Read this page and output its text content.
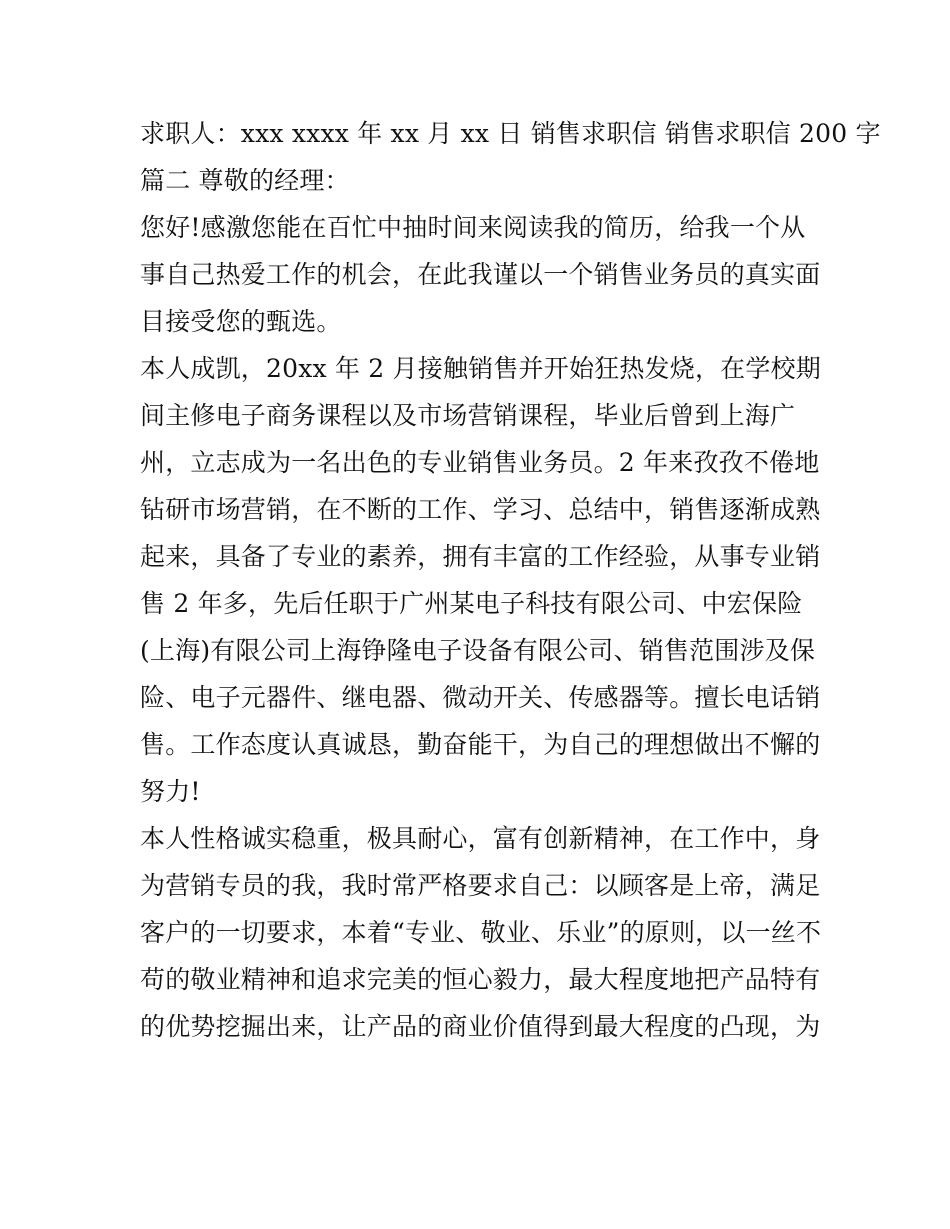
求职人：xxx xxxx 年 xx 月 xx 日 销售求职信 销售求职信 200 字
篇二 尊敬的经理：
您好!感激您能在百忙中抽时间来阅读我的简历，给我一个从
事自己热爱工作的机会，在此我谨以一个销售业务员的真实面
目接受您的甄选。
本人成凯，20xx 年 2 月接触销售并开始狂热发烧，在学校期
间主修电子商务课程以及市场营销课程，毕业后曾到上海广
州，立志成为一名出色的专业销售业务员。2 年来孜孜不倦地
钻研市场营销，在不断的工作、学习、总结中，销售逐渐成熟
起来，具备了专业的素养，拥有丰富的工作经验，从事专业销
售 2 年多，先后任职于广州某电子科技有限公司、中宏保险
(上海)有限公司上海铮隆电子设备有限公司、销售范围涉及保
险、电子元器件、继电器、微动开关、传感器等。擅长电话销
售。工作态度认真诚恳，勤奋能干，为自己的理想做出不懈的
努力!
本人性格诚实稳重，极具耐心，富有创新精神，在工作中，身
为营销专员的我，我时常严格要求自己：以顾客是上帝，满足
客户的一切要求，本着“专业、敬业、乐业”的原则，以一丝不
苟的敬业精神和追求完美的恒心毅力，最大程度地把产品特有
的优势挖掘出来，让产品的商业价值得到最大程度的凸现，为
